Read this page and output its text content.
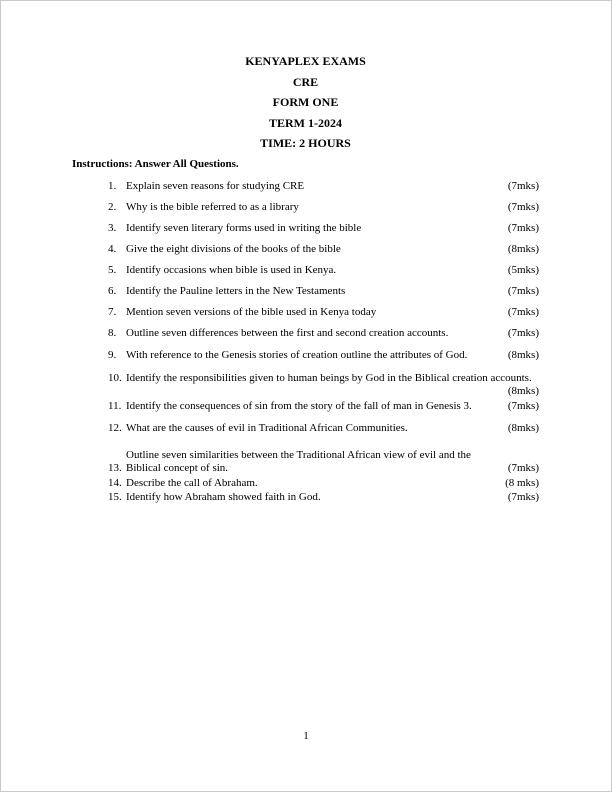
KENYAPLEX EXAMS
CRE
FORM ONE
TERM 1-2024
TIME: 2 HOURS
Instructions: Answer All Questions.
1. Explain seven reasons for studying CRE	(7mks)
2. Why is the bible referred to as a library	(7mks)
3. Identify seven literary forms used in writing the bible	(7mks)
4. Give the eight divisions of the books of the bible	(8mks)
5. Identify occasions when bible is used in Kenya.	(5mks)
6. Identify the Pauline letters in the New Testaments	(7mks)
7. Mention seven versions of the bible used in Kenya today	(7mks)
8. Outline seven differences between the first and second creation accounts.	(7mks)
9. With reference to the Genesis stories of creation outline the attributes of God.	(8mks)
10. Identify the responsibilities given to human beings by God in the Biblical creation accounts.
(8mks)
11. Identify the consequences of sin from the story of the fall of man in Genesis 3.	(7mks)
12. What are the causes of evil in Traditional African Communities.	(8mks)
13.
Outline seven similarities between the Traditional African view of evil and the Biblical concept of sin.	(7mks)
14. Describe the call of Abraham.	(8 mks)
15. Identify how Abraham showed faith in God.	(7mks)
1
